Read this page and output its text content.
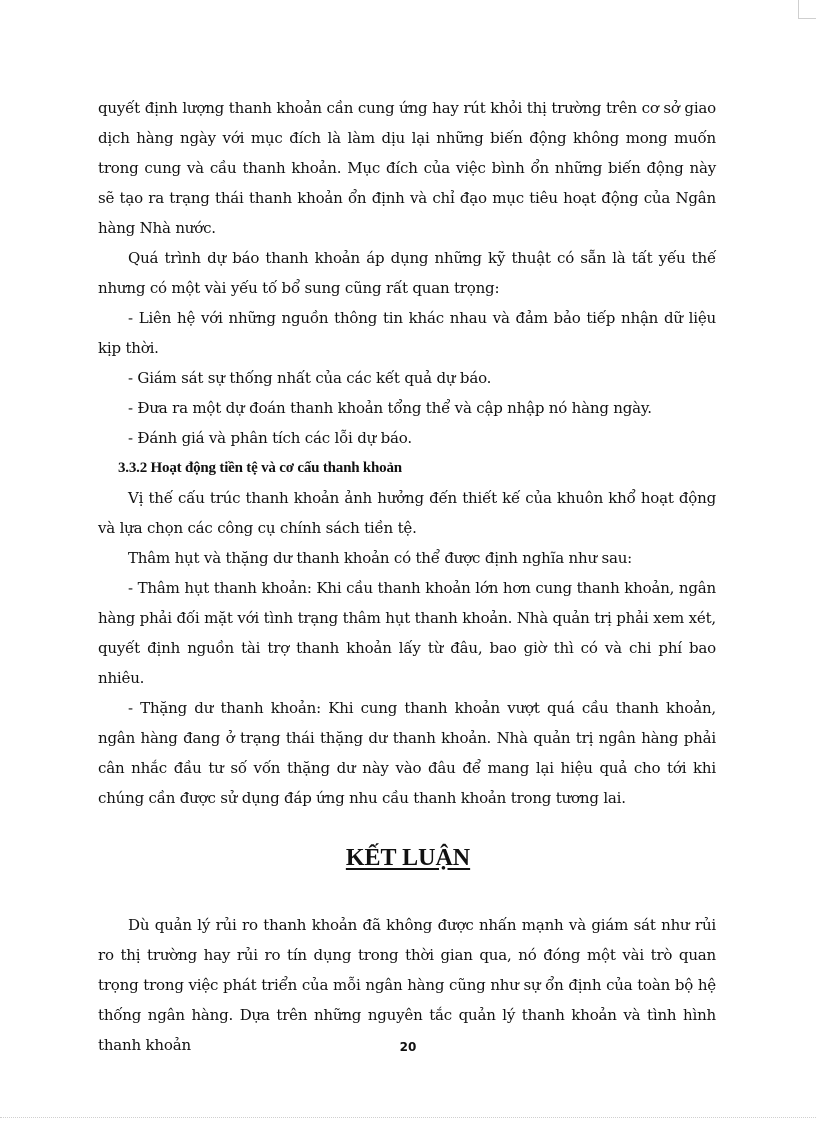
quyết định lượng thanh khoản cần cung ứng hay rút khỏi thị trường trên cơ sở giao dịch hàng ngày với mục đích là làm dịu lại những biến động không mong muốn trong cung và cầu thanh khoản. Mục đích của việc bình ổn những biến động này sẽ tạo ra trạng thái thanh khoản ổn định và chỉ đạo mục tiêu hoạt động của Ngân hàng Nhà nước.

Quá trình dự báo thanh khoản áp dụng những kỹ thuật có sẵn là tất yếu thế nhưng có một vài yếu tố bổ sung cũng rất quan trọng:

- Liên hệ với những nguồn thông tin khác nhau và đảm bảo tiếp nhận dữ liệu kịp thời.

- Giám sát sự thống nhất của các kết quả dự báo.

- Đưa ra một dự đoán thanh khoản tổng thể và cập nhập nó hàng ngày.

- Đánh giá và phân tích các lỗi dự báo.

3.3.2 Hoạt động tiền tệ và cơ cấu thanh khoản

Vị thế cấu trúc thanh khoản ảnh hưởng đến thiết kế của khuôn khổ hoạt động và lựa chọn các công cụ chính sách tiền tệ.

Thâm hụt và thặng dư thanh khoản có thể được định nghĩa như sau:

- Thâm hụt thanh khoản: Khi cầu thanh khoản lớn hơn cung thanh khoản, ngân hàng phải đối mặt với tình trạng thâm hụt thanh khoản. Nhà quản trị phải xem xét, quyết định nguồn tài trợ thanh khoản lấy từ đâu, bao giờ thì có và chi phí bao nhiêu.

- Thặng dư thanh khoản: Khi cung thanh khoản vượt quá cầu thanh khoản, ngân hàng đang ở trạng thái thặng dư thanh khoản. Nhà quản trị ngân hàng phải cân nhắc đầu tư số vốn thặng dư này vào đâu để mang lại hiệu quả cho tới khi chúng cần được sử dụng đáp ứng nhu cầu thanh khoản trong tương lai.

KẾT LUẬN

Dù quản lý rủi ro thanh khoản đã không được nhấn mạnh và giám sát như rủi ro thị trường hay rủi ro tín dụng trong thời gian qua, nó đóng một vài trò quan trọng trong việc phát triển của mỗi ngân hàng cũng như sự ổn định của toàn bộ hệ thống ngân hàng. Dựa trên những nguyên tắc quản lý thanh khoản và tình hình thanh khoản	20
